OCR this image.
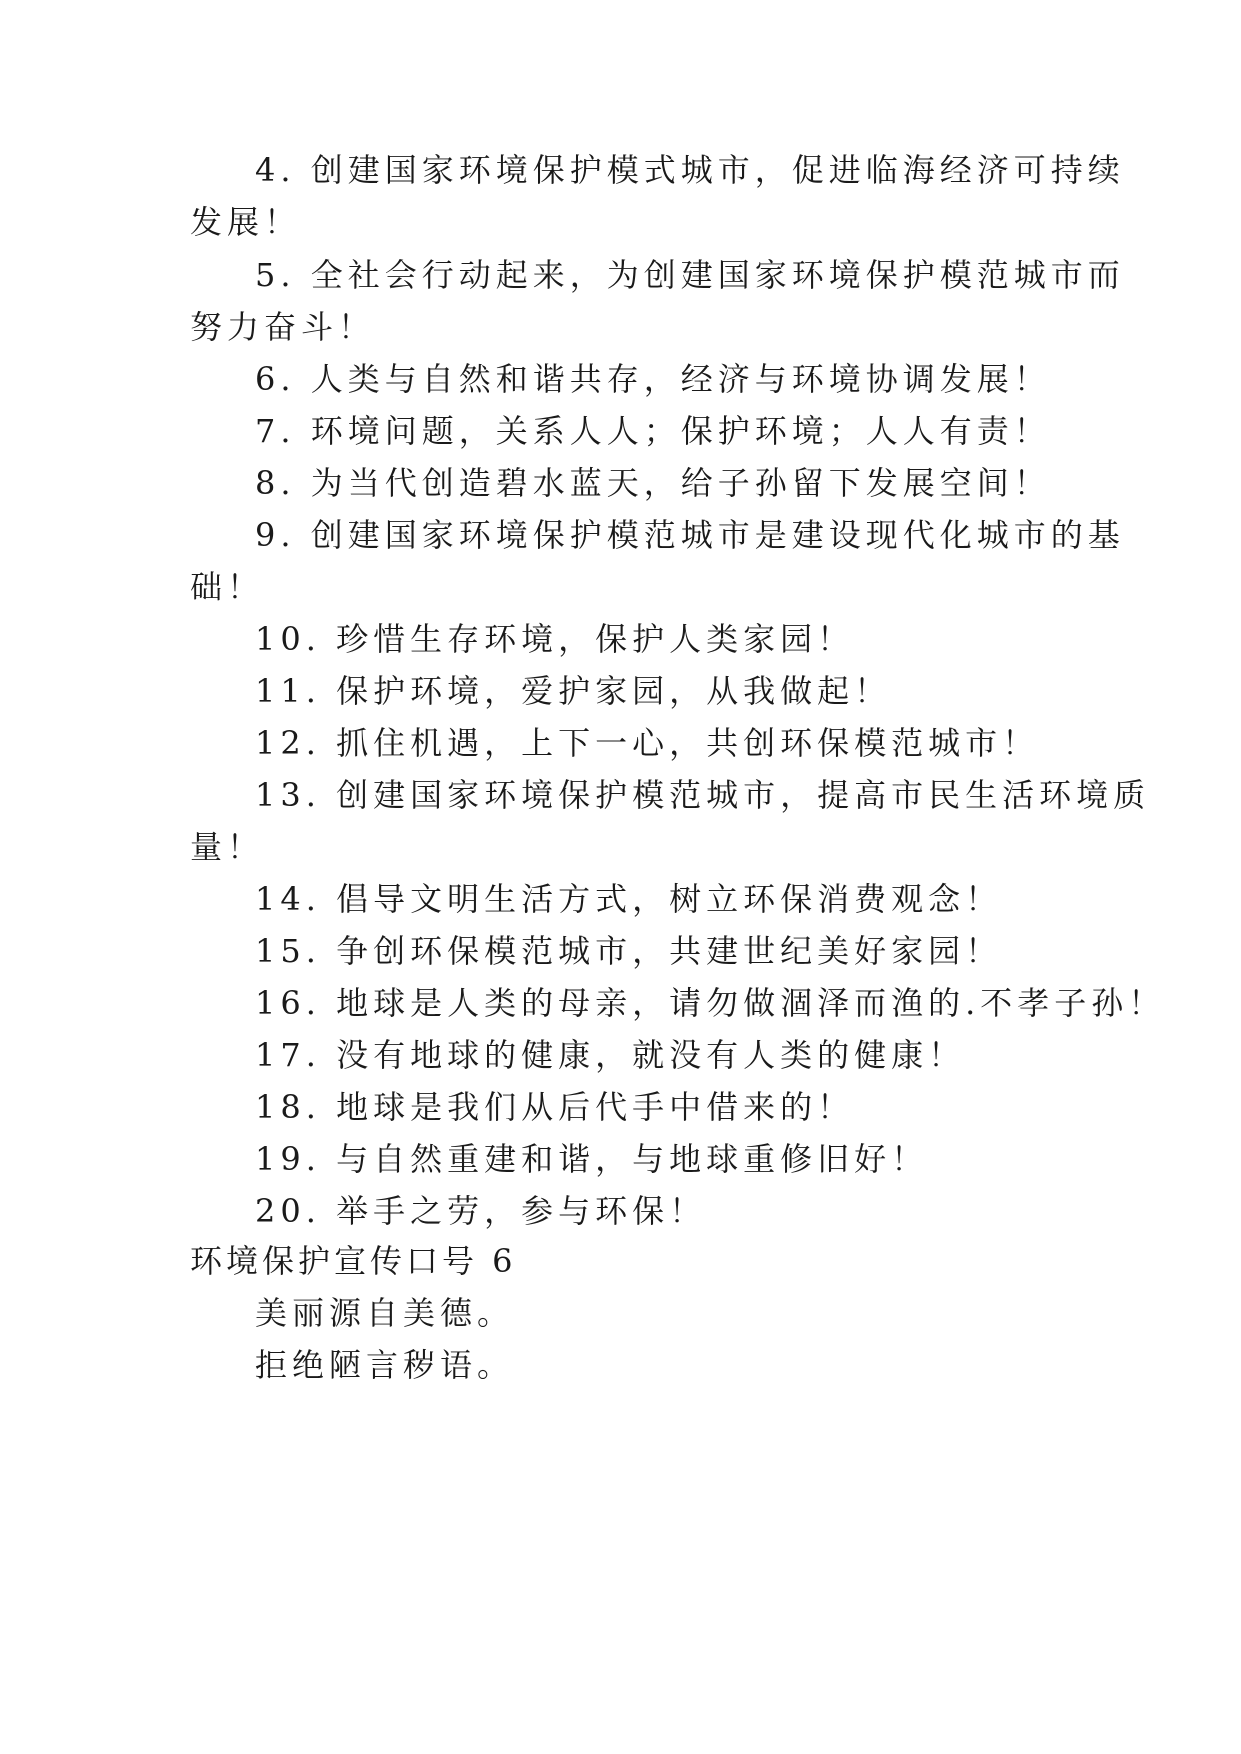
4. 创建国家环境保护模式城市，促进临海经济可持续

发展！

5. 全社会行动起来，为创建国家环境保护模范城市而

努力奋斗！

6. 人类与自然和谐共存，经济与环境协调发展！

7. 环境问题，关系人人；保护环境；人人有责！

8. 为当代创造碧水蓝天，给子孙留下发展空间！

9. 创建国家环境保护模范城市是建设现代化城市的基

础！

10. 珍惜生存环境，保护人类家园！

11. 保护环境，爱护家园，从我做起！

12. 抓住机遇，上下一心，共创环保模范城市！

13. 创建国家环境保护模范城市，提高市民生活环境质

量！

14. 倡导文明生活方式，树立环保消费观念！

15. 争创环保模范城市，共建世纪美好家园！

16. 地球是人类的母亲，请勿做涸泽而渔的.不孝子孙！

17. 没有地球的健康，就没有人类的健康！

18. 地球是我们从后代手中借来的！

19. 与自然重建和谐，与地球重修旧好！

20. 举手之劳，参与环保！

环境保护宣传口号 6

美丽源自美德。

拒绝陋言秽语。
